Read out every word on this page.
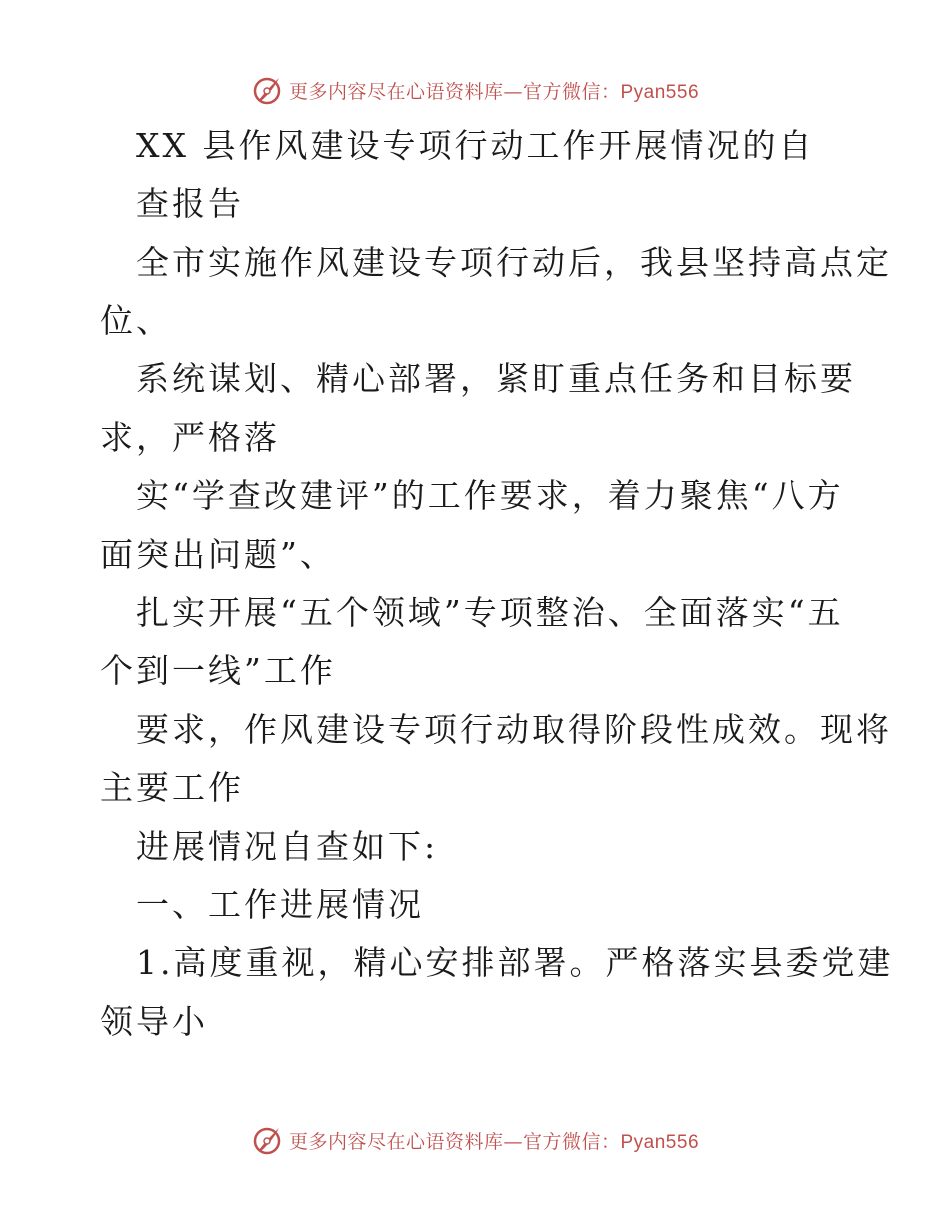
更多内容尽在心语资料库—官方微信：Pyan556
XX 县作风建设专项行动工作开展情况的自
查报告
全市实施作风建设专项行动后，我县坚持高点定
位、
系统谋划、精心部署，紧盯重点任务和目标要
求，严格落
实“学查改建评”的工作要求，着力聚焦“八方
面突出问题”、
扎实开展“五个领域”专项整治、全面落实“五
个到一线”工作
要求，作风建设专项行动取得阶段性成效。现将
主要工作
进展情况自查如下:
一、工作进展情况
1.高度重视，精心安排部署。严格落实县委党建
领导小
更多内容尽在心语资料库—官方微信：Pyan556
